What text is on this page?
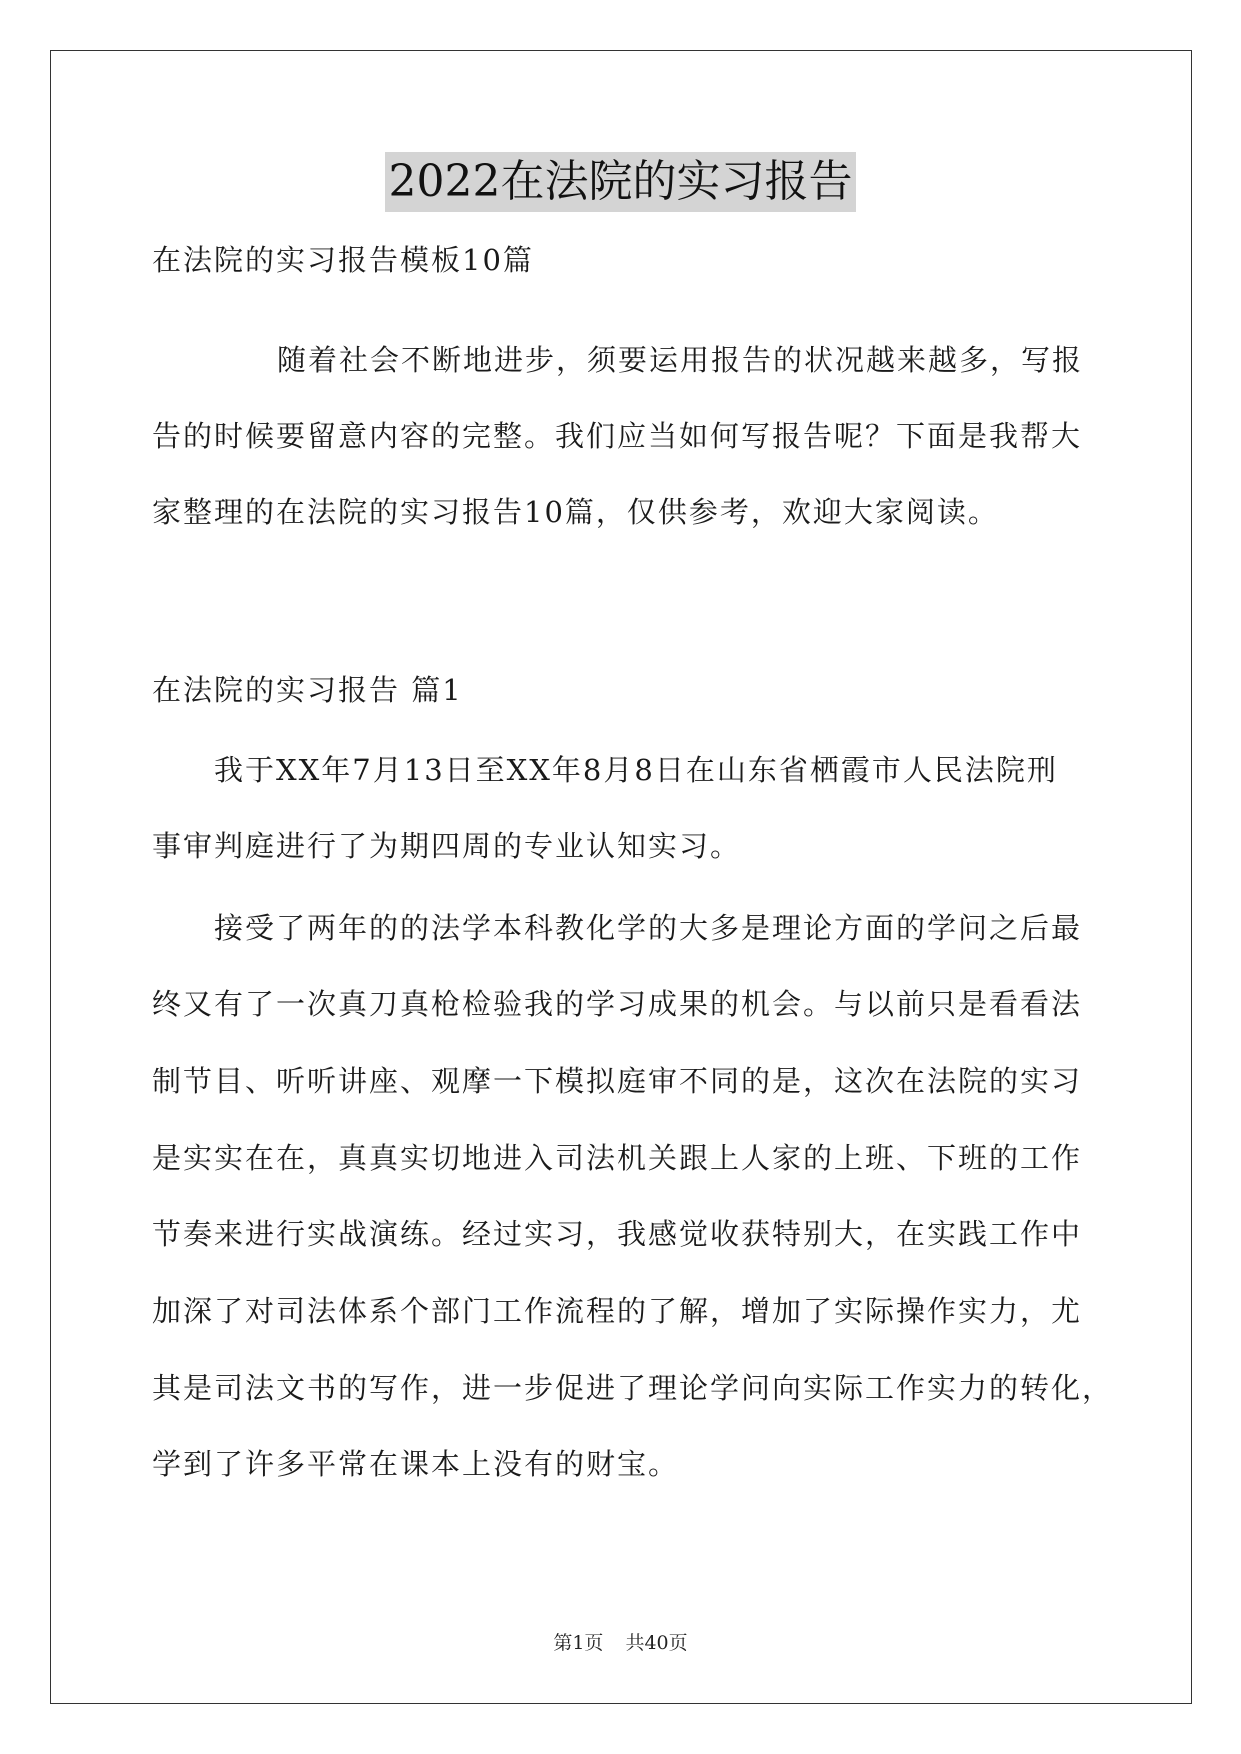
2022在法院的实习报告
在法院的实习报告模板10篇
随着社会不断地进步，须要运用报告的状况越来越多，写报
告的时候要留意内容的完整。我们应当如何写报告呢？下面是我帮大
家整理的在法院的实习报告10篇，仅供参考，欢迎大家阅读。
在法院的实习报告 篇1
我于XX年7月13日至XX年8月8日在山东省栖霞市人民法院刑
事审判庭进行了为期四周的专业认知实习。
接受了两年的的法学本科教化学的大多是理论方面的学问之后最
终又有了一次真刀真枪检验我的学习成果的机会。与以前只是看看法
制节目、听听讲座、观摩一下模拟庭审不同的是，这次在法院的实习
是实实在在，真真实切地进入司法机关跟上人家的上班、下班的工作
节奏来进行实战演练。经过实习，我感觉收获特别大，在实践工作中
加深了对司法体系个部门工作流程的了解，增加了实际操作实力，尤
其是司法文书的写作，进一步促进了理论学问向实际工作实力的转化，
学到了许多平常在课本上没有的财宝。
第1页 共40页
